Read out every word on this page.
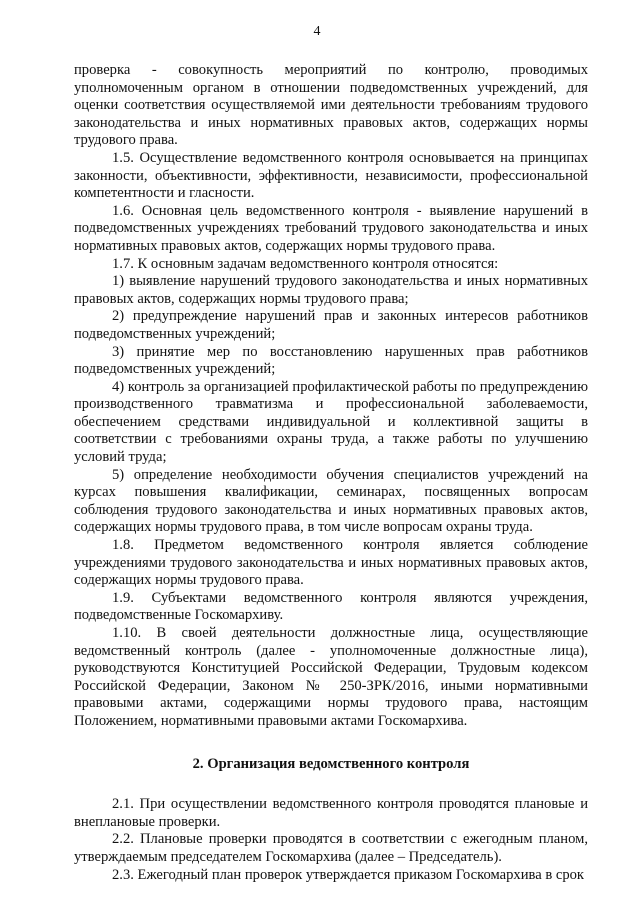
4

проверка - совокупность мероприятий по контролю, проводимых уполномоченным органом в отношении подведомственных учреждений, для оценки соответствия осуществляемой ими деятельности требованиям трудового законодательства и иных нормативных правовых актов, содержащих нормы трудового права.

1.5. Осуществление ведомственного контроля основывается на принципах законности, объективности, эффективности, независимости, профессиональной компетентности и гласности.

1.6. Основная цель ведомственного контроля - выявление нарушений в подведомственных учреждениях требований трудового законодательства и иных нормативных правовых актов, содержащих нормы трудового права.

1.7. К основным задачам ведомственного контроля относятся:

1) выявление нарушений трудового законодательства и иных нормативных правовых актов, содержащих нормы трудового права;

2) предупреждение нарушений прав и законных интересов работников подведомственных учреждений;

3) принятие мер по восстановлению нарушенных прав работников подведомственных учреждений;

4) контроль за организацией профилактической работы по предупреждению производственного травматизма и профессиональной заболеваемости, обеспечением средствами индивидуальной и коллективной защиты в соответствии с требованиями охраны труда, а также работы по улучшению условий труда;

5) определение необходимости обучения специалистов учреждений на курсах повышения квалификации, семинарах, посвященных вопросам соблюдения трудового законодательства и иных нормативных правовых актов, содержащих нормы трудового права, в том числе вопросам охраны труда.

1.8. Предметом ведомственного контроля является соблюдение учреждениями трудового законодательства и иных нормативных правовых актов, содержащих нормы трудового права.

1.9. Субъектами ведомственного контроля являются учреждения, подведомственные Госкомархиву.

1.10. В своей деятельности должностные лица, осуществляющие ведомственный контроль (далее - уполномоченные должностные лица), руководствуются Конституцией Российской Федерации, Трудовым кодексом Российской Федерации, Законом № 250-ЗРК/2016, иными нормативными правовыми актами, содержащими нормы трудового права, настоящим Положением, нормативными правовыми актами Госкомархива.

2. Организация ведомственного контроля

2.1. При осуществлении ведомственного контроля проводятся плановые и внеплановые проверки.

2.2. Плановые проверки проводятся в соответствии с ежегодным планом, утверждаемым председателем Госкомархива (далее – Председатель).

2.3. Ежегодный план проверок утверждается приказом Госкомархива в срок
